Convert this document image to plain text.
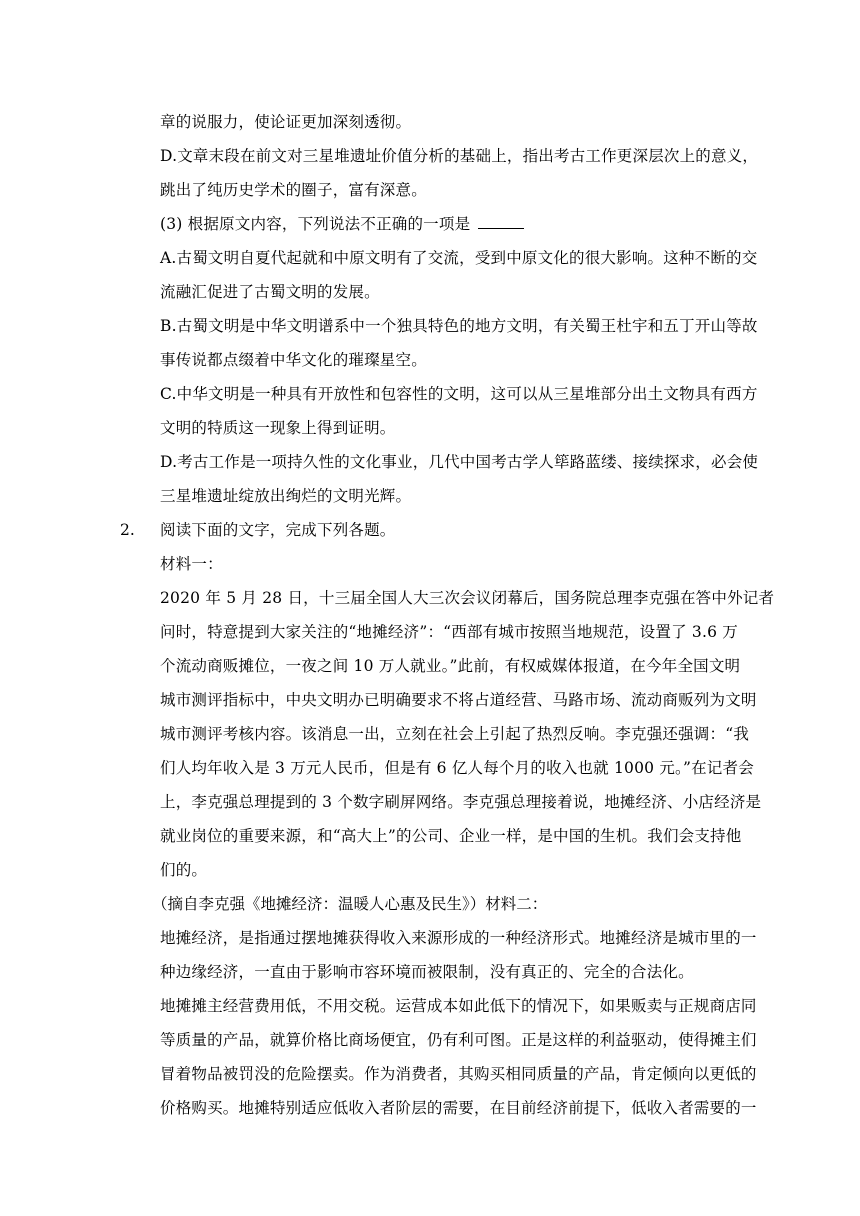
章的说服力，使论证更加深刻透彻。
D.文章末段在前文对三星堆遗址价值分析的基础上，指出考古工作更深层次上的意义，
跳出了纯历史学术的圈子，富有深意。
(3) 根据原文内容，下列说法不正确的一项是
A.古蜀文明自夏代起就和中原文明有了交流，受到中原文化的很大影响。这种不断的交
流融汇促进了古蜀文明的发展。
B.古蜀文明是中华文明谱系中一个独具特色的地方文明，有关蜀王杜宇和五丁开山等故
事传说都点缀着中华文化的璀璨星空。
C.中华文明是一种具有开放性和包容性的文明，这可以从三星堆部分出土文物具有西方
文明的特质这一现象上得到证明。
D.考古工作是一项持久性的文化事业，几代中国考古学人筚路蓝缕、接续探求，必会使
三星堆遗址绽放出绚烂的文明光辉。
2. 阅读下面的文字，完成下列各题。
材料一：
2020 年 5 月 28 日，十三届全国人大三次会议闭幕后，国务院总理李克强在答中外记者
问时，特意提到大家关注的“地摊经济”：“西部有城市按照当地规范，设置了 3.6 万
个流动商贩摊位，一夜之间 10 万人就业。”此前，有权威媒体报道，在今年全国文明
城市测评指标中，中央文明办已明确要求不将占道经营、马路市场、流动商贩列为文明
城市测评考核内容。该消息一出，立刻在社会上引起了热烈反响。李克强还强调：“我
们人均年收入是 3 万元人民币，但是有 6 亿人每个月的收入也就 1000 元。”在记者会
上，李克强总理提到的 3 个数字刷屏网络。李克强总理接着说，地摊经济、小店经济是
就业岗位的重要来源，和“高大上”的公司、企业一样，是中国的生机。我们会支持他
们的。
（摘自李克强《地摊经济：温暖人心惠及民生》）材料二：
地摊经济，是指通过摆地摊获得收入来源形成的一种经济形式。地摊经济是城市里的一
种边缘经济，一直由于影响市容环境而被限制，没有真正的、完全的合法化。
地摊摊主经营费用低，不用交税。运营成本如此低下的情况下，如果贩卖与正规商店同
等质量的产品，就算价格比商场便宜，仍有利可图。正是这样的利益驱动，使得摊主们
冒着物品被罚没的危险摆卖。作为消费者，其购买相同质量的产品，肯定倾向以更低的
价格购买。地摊特别适应低收入者阶层的需要，在目前经济前提下，低收入者需要的一
